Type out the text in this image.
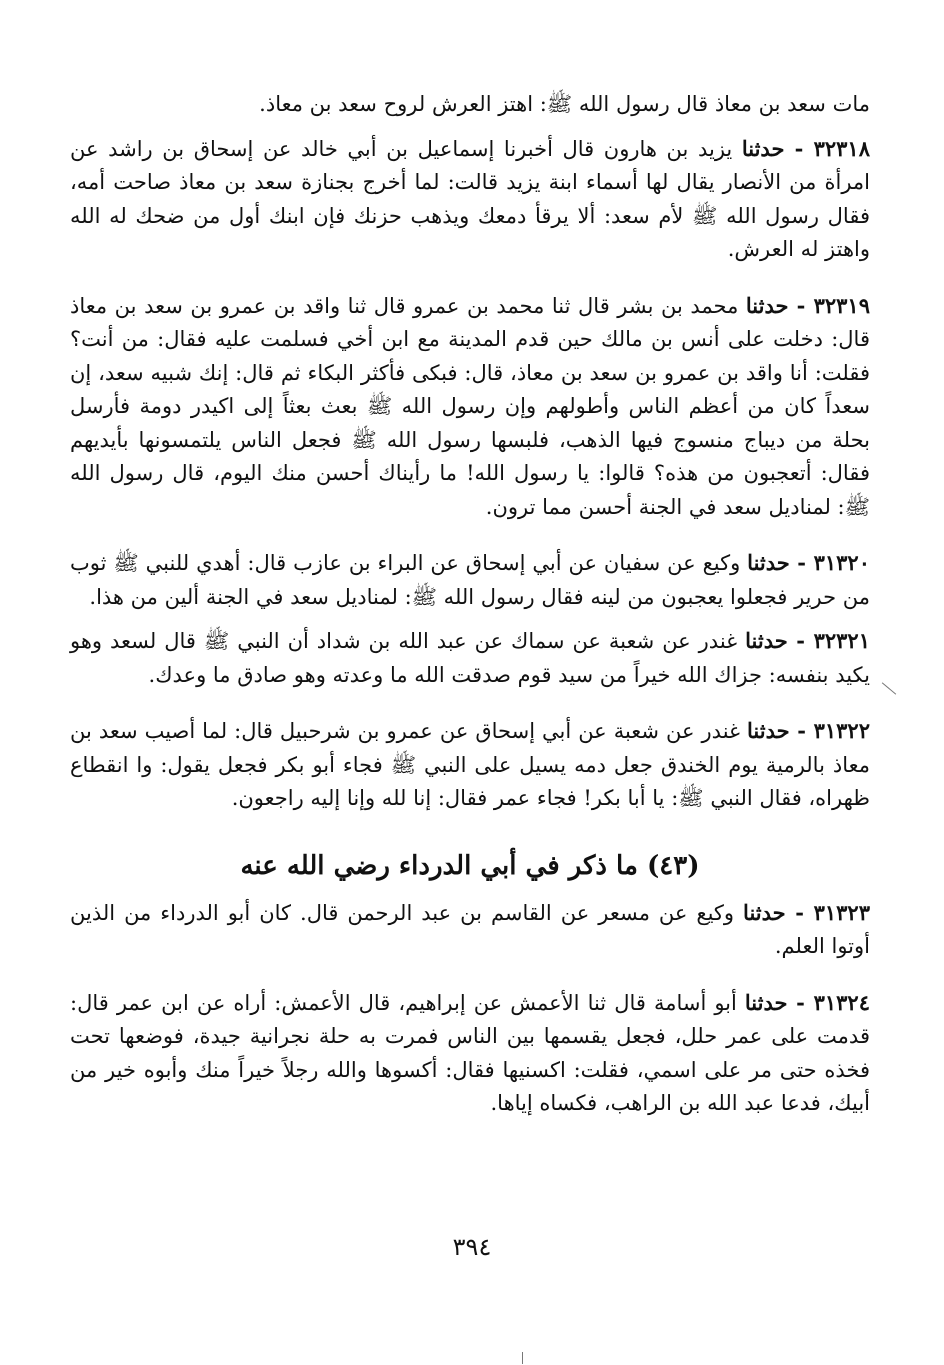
مات سعد بن معاذ قال رسول الله ﷺ: اهتز العرش لروح سعد بن معاذ.

٣٢٣١٨ - حدثنا يزيد بن هارون قال أخبرنا إسماعيل بن أبي خالد عن إسحاق بن راشد عن امرأة من الأنصار يقال لها أسماء ابنة يزيد قالت: لما أخرج بجنازة سعد بن معاذ صاحت أمه، فقال رسول الله ﷺ لأم سعد: ألا يرقأ دمعك ويذهب حزنك فإن ابنك أول من ضحك له الله واهتز له العرش.

٣٢٣١٩ - حدثنا محمد بن بشر قال ثنا محمد بن عمرو قال ثنا واقد بن عمرو بن سعد بن معاذ قال: دخلت على أنس بن مالك حين قدم المدينة مع ابن أخي فسلمت عليه فقال: من أنت؟ فقلت: أنا واقد بن عمرو بن سعد بن معاذ، قال: فبكى فأكثر البكاء ثم قال: إنك شبيه سعد، إن سعداً كان من أعظم الناس وأطولهم وإن رسول الله ﷺ بعث بعثاً إلى اكيدر دومة فأرسل بحلة من ديباج منسوج فيها الذهب، فلبسها رسول الله ﷺ فجعل الناس يلتمسونها بأيديهم فقال: أتعجبون من هذه؟ قالوا: يا رسول الله! ما رأيناك أحسن منك اليوم، قال رسول الله ﷺ: لمناديل سعد في الجنة أحسن مما ترون.

٣١٣٢٠ - حدثنا وكيع عن سفيان عن أبي إسحاق عن البراء بن عازب قال: أهدي للنبي ﷺ ثوب من حرير فجعلوا يعجبون من لينه فقال رسول الله ﷺ: لمناديل سعد في الجنة ألين من هذا.

٣٢٣٢١ - حدثنا غندر عن شعبة عن سماك عن عبد الله بن شداد أن النبي ﷺ قال لسعد وهو يكيد بنفسه: جزاك الله خيراً من سيد قوم صدقت الله ما وعدته وهو صادق ما وعدك.

٣١٣٢٢ - حدثنا غندر عن شعبة عن أبي إسحاق عن عمرو بن شرحبيل قال: لما أصيب سعد بن معاذ بالرمية يوم الخندق جعل دمه يسيل على النبي ﷺ فجاء أبو بكر فجعل يقول: وا انقطاع ظهراه، فقال النبي ﷺ: يا أبا بكر! فجاء عمر فقال: إنا لله وإنا إليه راجعون.

(٤٣) ما ذكر في أبي الدرداء رضي الله عنه

٣١٣٢٣ - حدثنا وكيع عن مسعر عن القاسم بن عبد الرحمن قال. كان أبو الدرداء من الذين أوتوا العلم.

٣١٣٢٤ - حدثنا أبو أسامة قال ثنا الأعمش عن إبراهيم، قال الأعمش: أراه عن ابن عمر قال: قدمت على عمر حلل، فجعل يقسمها بين الناس فمرت به حلة نجرانية جيدة، فوضعها تحت فخذه حتى مر على اسمي، فقلت: اكسنيها فقال: أكسوها والله رجلاً خيراً منك وأبوه خير من أبيك، فدعا عبد الله بن الراهب، فكساه إياها.

٣٩٤
